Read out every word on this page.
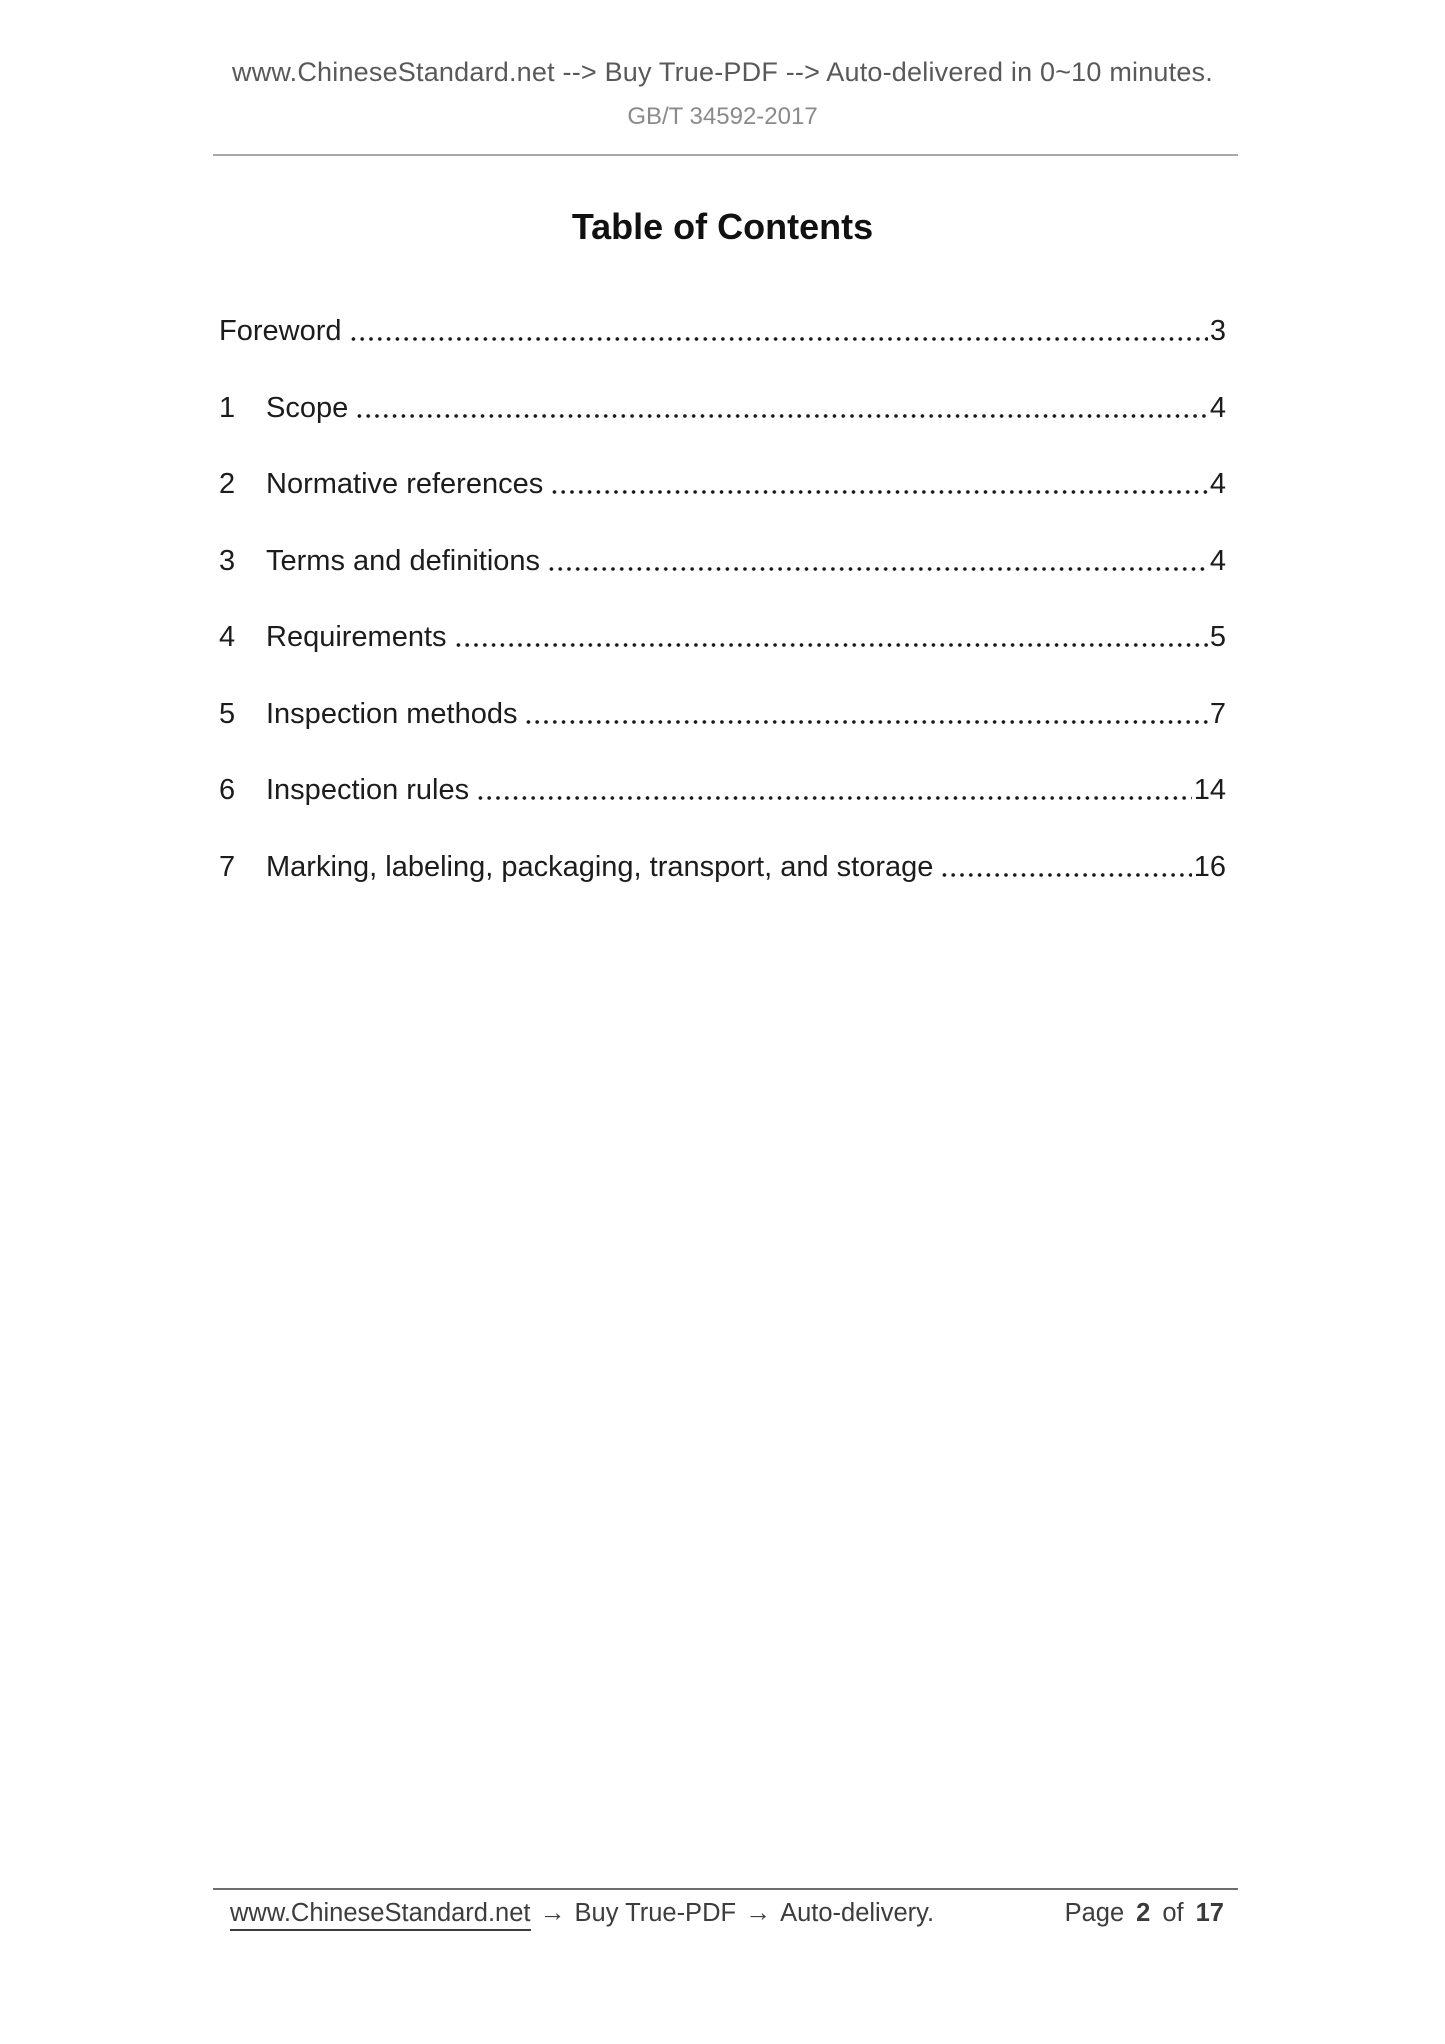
www.ChineseStandard.net --> Buy True-PDF --> Auto-delivered in 0~10 minutes.
GB/T 34592-2017
Table of Contents
Foreword	3
1	Scope	4
2	Normative references	4
3	Terms and definitions	4
4	Requirements	5
5	Inspection methods	7
6	Inspection rules	14
7	Marking, labeling, packaging, transport, and storage	16
www.ChineseStandard.net → Buy True-PDF → Auto-delivery.	Page 2 of 17
